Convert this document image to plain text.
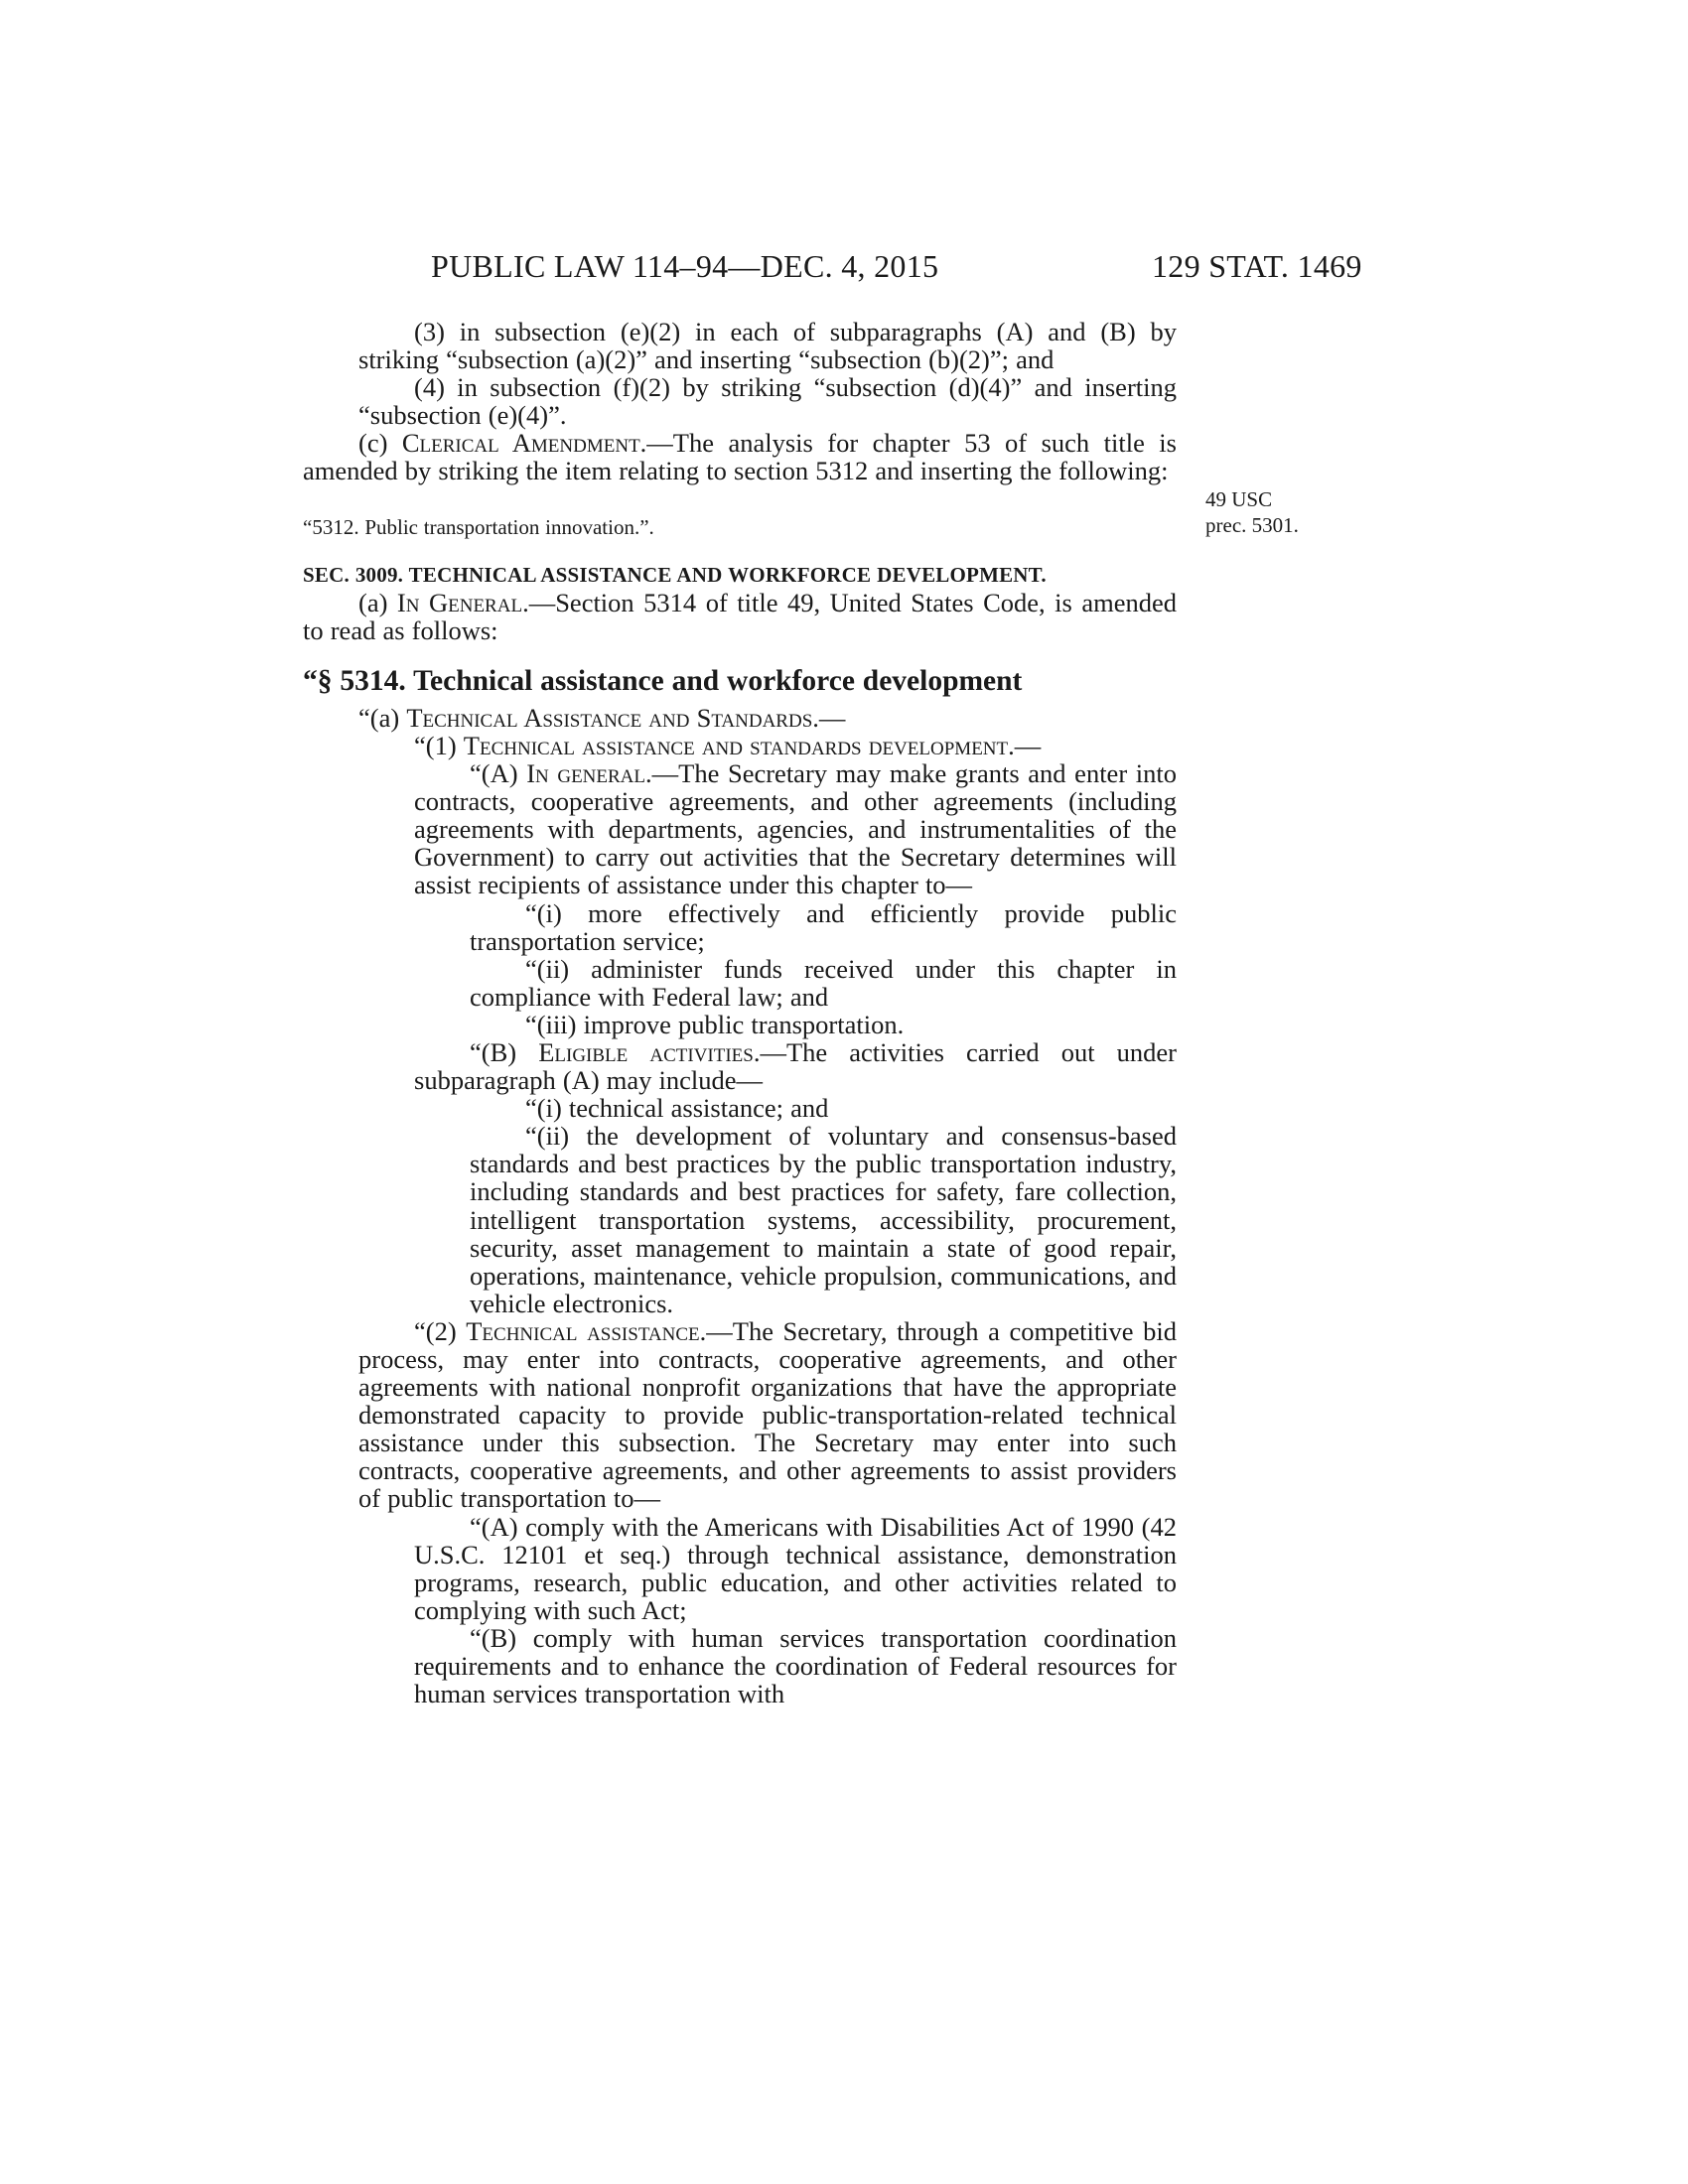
PUBLIC LAW 114–94—DEC. 4, 2015	129 STAT. 1469
49 USC
prec. 5301.

(3) in subsection (e)(2) in each of subparagraphs (A) and (B) by striking “subsection (a)(2)” and inserting “subsection (b)(2)”; and

(4) in subsection (f)(2) by striking “subsection (d)(4)” and inserting “subsection (e)(4)”.

(c) Clerical Amendment.—The analysis for chapter 53 of such title is amended by striking the item relating to section 5312 and inserting the following:

“5312. Public transportation innovation.”.

SEC. 3009. TECHNICAL ASSISTANCE AND WORKFORCE DEVELOPMENT.

(a) In General.—Section 5314 of title 49, United States Code, is amended to read as follows:

“§ 5314. Technical assistance and workforce development

“(a) Technical Assistance and Standards.—

“(1) Technical assistance and standards development.—

“(A) In general.—The Secretary may make grants and enter into contracts, cooperative agreements, and other agreements (including agreements with departments, agencies, and instrumentalities of the Government) to carry out activities that the Secretary determines will assist recipients of assistance under this chapter to—

“(i) more effectively and efficiently provide public transportation service;

“(ii) administer funds received under this chapter in compliance with Federal law; and

“(iii) improve public transportation.

“(B) Eligible activities.—The activities carried out under subparagraph (A) may include—

“(i) technical assistance; and

“(ii) the development of voluntary and consensus-based standards and best practices by the public transportation industry, including standards and best practices for safety, fare collection, intelligent transportation systems, accessibility, procurement, security, asset management to maintain a state of good repair, operations, maintenance, vehicle propulsion, communications, and vehicle electronics.

“(2) Technical assistance.—The Secretary, through a competitive bid process, may enter into contracts, cooperative agreements, and other agreements with national nonprofit organizations that have the appropriate demonstrated capacity to provide public-transportation-related technical assistance under this subsection. The Secretary may enter into such contracts, cooperative agreements, and other agreements to assist providers of public transportation to—

“(A) comply with the Americans with Disabilities Act of 1990 (42 U.S.C. 12101 et seq.) through technical assistance, demonstration programs, research, public education, and other activities related to complying with such Act;

“(B) comply with human services transportation coordination requirements and to enhance the coordination of Federal resources for human services transportation with
